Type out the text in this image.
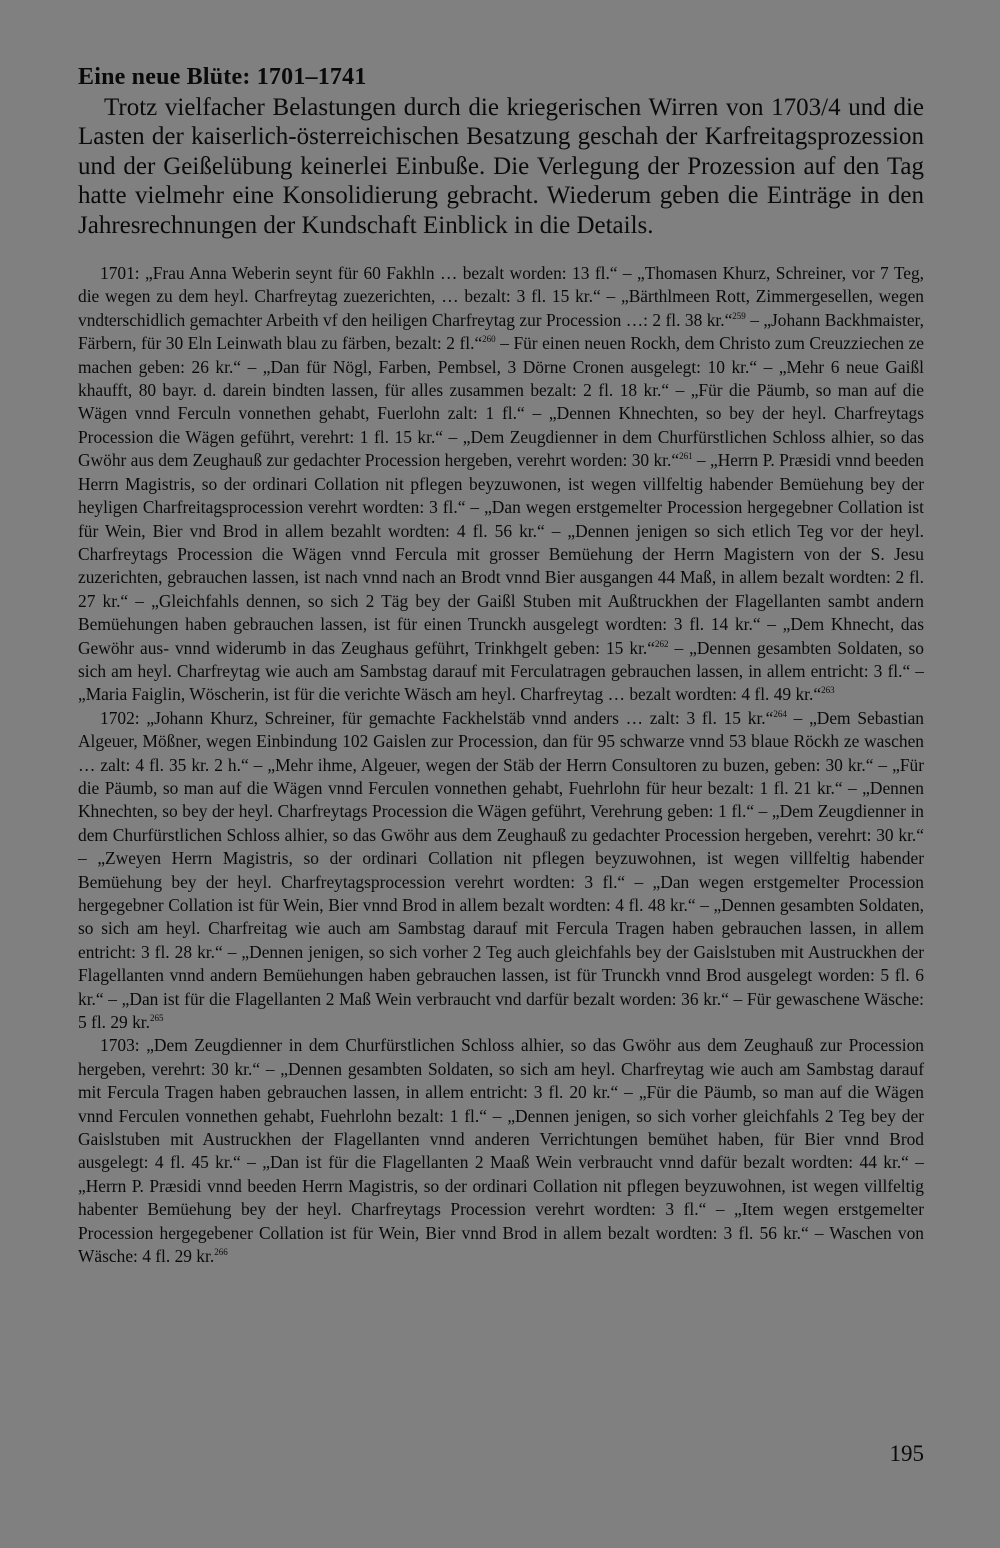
Eine neue Blüte: 1701–1741

Trotz vielfacher Belastungen durch die kriegerischen Wirren von 1703/4 und die Lasten der kaiserlich-österreichischen Besatzung geschah der Karfreitagsprozession und der Geißelübung keinerlei Einbuße. Die Verlegung der Prozession auf den Tag hatte vielmehr eine Konsolidierung gebracht. Wiederum geben die Einträge in den Jahresrechnungen der Kundschaft Einblick in die Details.

1701: „Frau Anna Weberin seynt für 60 Fakhln … bezalt worden: 13 fl.“ – „Thomasen Khurz, Schreiner, vor 7 Teg, die wegen zu dem heyl. Charfreytag zuezerichten, … bezalt: 3 fl. 15 kr.“ – „Bärthlmeen Rott, Zimmergesellen, wegen vndterschidlich gemachter Arbeith vf den heiligen Charfreytag zur Procession …: 2 fl. 38 kr.“$^{259}$ – „Johann Backhmaister, Färbern, für 30 Eln Leinwath blau zu färben, bezalt: 2 fl.“$^{260}$ – Für einen neuen Rockh, dem Christo zum Creuzziechen ze machen geben: 26 kr.“ – „Dan für Nögl, Farben, Pembsel, 3 Dörne Cronen ausgelegt: 10 kr.“ – „Mehr 6 neue Gaißl khaufft, 80 bayr. d. darein bindten lassen, für alles zusammen bezalt: 2 fl. 18 kr.“ – „Für die Päumb, so man auf die Wägen vnnd Ferculn vonnethen gehabt, Fuerlohn zalt: 1 fl.“ – „Dennen Khnechten, so bey der heyl. Charfreytags Procession die Wägen geführt, verehrt: 1 fl. 15 kr.“ – „Dem Zeugdienner in dem Churfürstlichen Schloss alhier, so das Gwöhr aus dem Zeughauß zur gedachter Procession hergeben, verehrt worden: 30 kr.“$^{261}$ – „Herrn P. Præsidi vnnd beeden Herrn Magistris, so der ordinari Collation nit pflegen beyzuwonen, ist wegen villfeltig habender Bemüehung bey der heyligen Charfreitagsprocession verehrt wordten: 3 fl.“ – „Dan wegen erstgemelter Procession hergegebner Collation ist für Wein, Bier vnd Brod in allem bezahlt wordten: 4 fl. 56 kr.“ – „Dennen jenigen so sich etlich Teg vor der heyl. Charfreytags Procession die Wägen vnnd Fercula mit grosser Bemüehung der Herrn Magistern von der S. Jesu zuzerichten, gebrauchen lassen, ist nach vnnd nach an Brodt vnnd Bier ausgangen 44 Maß, in allem bezalt wordten: 2 fl. 27 kr.“ – „Gleichfahls dennen, so sich 2 Täg bey der Gaißl Stuben mit Außtruckhen der Flagellanten sambt andern Bemüehungen haben gebrauchen lassen, ist für einen Trunckh ausgelegt wordten: 3 fl. 14 kr.“ – „Dem Khnecht, das Gewöhr aus- vnnd widerumb in das Zeughaus geführt, Trinkhgelt geben: 15 kr.“$^{262}$ – „Dennen gesambten Soldaten, so sich am heyl. Charfreytag wie auch am Sambstag darauf mit Ferculatragen gebrauchen lassen, in allem entricht: 3 fl.“ – „Maria Faiglin, Wöscherin, ist für die verichte Wäsch am heyl. Charfreytag … bezalt wordten: 4 fl. 49 kr.“$^{263}$

1702: „Johann Khurz, Schreiner, für gemachte Fackhelstäb vnnd anders … zalt: 3 fl. 15 kr.“$^{264}$ – „Dem Sebastian Algeuer, Mößner, wegen Einbindung 102 Gaislen zur Procession, dan für 95 schwarze vnnd 53 blaue Röckh ze waschen … zalt: 4 fl. 35 kr. 2 h.“ – „Mehr ihme, Algeuer, wegen der Stäb der Herrn Consultoren zu buzen, geben: 30 kr.“ – „Für die Päumb, so man auf die Wägen vnnd Ferculen vonnethen gehabt, Fuehrlohn für heur bezalt: 1 fl. 21 kr.“ – „Dennen Khnechten, so bey der heyl. Charfreytags Procession die Wägen geführt, Verehrung geben: 1 fl.“ – „Dem Zeugdienner in dem Churfürstlichen Schloss alhier, so das Gwöhr aus dem Zeughauß zu gedachter Procession hergeben, verehrt: 30 kr.“ – „Zweyen Herrn Magistris, so der ordinari Collation nit pflegen beyzuwohnen, ist wegen villfeltig habender Bemüehung bey der heyl. Charfreytagsprocession verehrt wordten: 3 fl.“ – „Dan wegen erstgemelter Procession hergegebner Collation ist für Wein, Bier vnnd Brod in allem bezalt wordten: 4 fl. 48 kr.“ – „Dennen gesambten Soldaten, so sich am heyl. Charfreitag wie auch am Sambstag darauf mit Fercula Tragen haben gebrauchen lassen, in allem entricht: 3 fl. 28 kr.“ – „Dennen jenigen, so sich vorher 2 Teg auch gleichfahls bey der Gaislstuben mit Austruckhen der Flagellanten vnnd andern Bemüehungen haben gebrauchen lassen, ist für Trunckh vnnd Brod ausgelegt worden: 5 fl. 6 kr.“ – „Dan ist für die Flagellanten 2 Maß Wein verbraucht vnd darfür bezalt worden: 36 kr.“ – Für gewaschene Wäsche: 5 fl. 29 kr.$^{265}$

1703: „Dem Zeugdienner in dem Churfürstlichen Schloss alhier, so das Gwöhr aus dem Zeughauß zur Procession hergeben, verehrt: 30 kr.“ – „Dennen gesambten Soldaten, so sich am heyl. Charfreytag wie auch am Sambstag darauf mit Fercula Tragen haben gebrauchen lassen, in allem entricht: 3 fl. 20 kr.“ – „Für die Päumb, so man auf die Wägen vnnd Ferculen vonnethen gehabt, Fuehrlohn bezalt: 1 fl.“ – „Dennen jenigen, so sich vorher gleichfahls 2 Teg bey der Gaislstuben mit Austruckhen der Flagellanten vnnd anderen Verrichtungen bemühet haben, für Bier vnnd Brod ausgelegt: 4 fl. 45 kr.“ – „Dan ist für die Flagellanten 2 Maaß Wein verbraucht vnnd dafür bezalt wordten: 44 kr.“ – „Herrn P. Præsidi vnnd beeden Herrn Magistris, so der ordinari Collation nit pflegen beyzuwohnen, ist wegen villfeltig habenter Bemüehung bey der heyl. Charfreytags Procession verehrt wordten: 3 fl.“ – „Item wegen erstgemelter Procession hergegebener Collation ist für Wein, Bier vnnd Brod in allem bezalt wordten: 3 fl. 56 kr.“ – Waschen von Wäsche: 4 fl. 29 kr.$^{266}$

195
